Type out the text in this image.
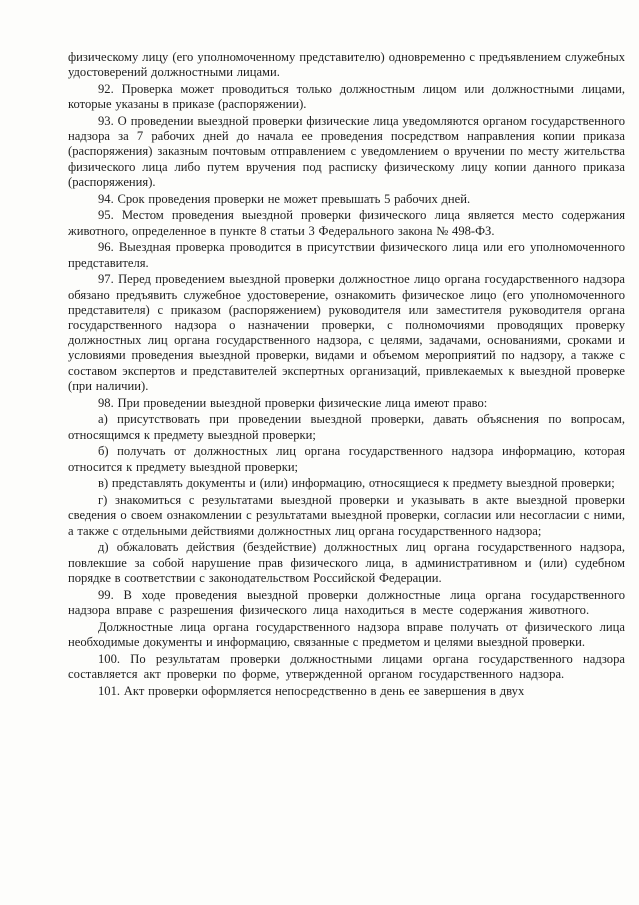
физическому лицу (его уполномоченному представителю) одновременно с предъявлением служебных удостоверений должностными лицами.

92. Проверка может проводиться только должностным лицом или должностными лицами, которые указаны в приказе (распоряжении).

93. О проведении выездной проверки физические лица уведомляются органом государственного надзора за 7 рабочих дней до начала ее проведения посредством направления копии приказа (распоряжения) заказным почтовым отправлением с уведомлением о вручении по месту жительства физического лица либо путем вручения под расписку физическому лицу копии данного приказа (распоряжения).

94. Срок проведения проверки не может превышать 5 рабочих дней.

95. Местом проведения выездной проверки физического лица является место содержания животного, определенное в пункте 8 статьи 3 Федерального закона № 498-ФЗ.

96. Выездная проверка проводится в присутствии физического лица или его уполномоченного представителя.

97. Перед проведением выездной проверки должностное лицо органа государственного надзора обязано предъявить служебное удостоверение, ознакомить физическое лицо (его уполномоченного представителя) с приказом (распоряжением) руководителя или заместителя руководителя органа государственного надзора о назначении проверки, с полномочиями проводящих проверку должностных лиц органа государственного надзора, с целями, задачами, основаниями, сроками и условиями проведения выездной проверки, видами и объемом мероприятий по надзору, а также с составом экспертов и представителей экспертных организаций, привлекаемых к выездной проверке (при наличии).

98. При проведении выездной проверки физические лица имеют право:

а) присутствовать при проведении выездной проверки, давать объяснения по вопросам, относящимся к предмету выездной проверки;

б) получать от должностных лиц органа государственного надзора информацию, которая относится к предмету выездной проверки;

в) представлять документы и (или) информацию, относящиеся к предмету выездной проверки;

г) знакомиться с результатами выездной проверки и указывать в акте выездной проверки сведения о своем ознакомлении с результатами выездной проверки, согласии или несогласии с ними, а также с отдельными действиями должностных лиц органа государственного надзора;

д) обжаловать действия (бездействие) должностных лиц органа государственного надзора, повлекшие за собой нарушение прав физического лица, в административном и (или) судебном порядке в соответствии с законодательством Российской Федерации.

99. В ходе проведения выездной проверки должностные лица органа государственного надзора вправе с разрешения физического лица находиться в месте содержания животного.

Должностные лица органа государственного надзора вправе получать от физического лица необходимые документы и информацию, связанные с предметом и целями выездной проверки.

100. По результатам проверки должностными лицами органа государственного надзора составляется акт проверки по форме, утвержденной органом государственного надзора.

101. Акт проверки оформляется непосредственно в день ее завершения в двух
